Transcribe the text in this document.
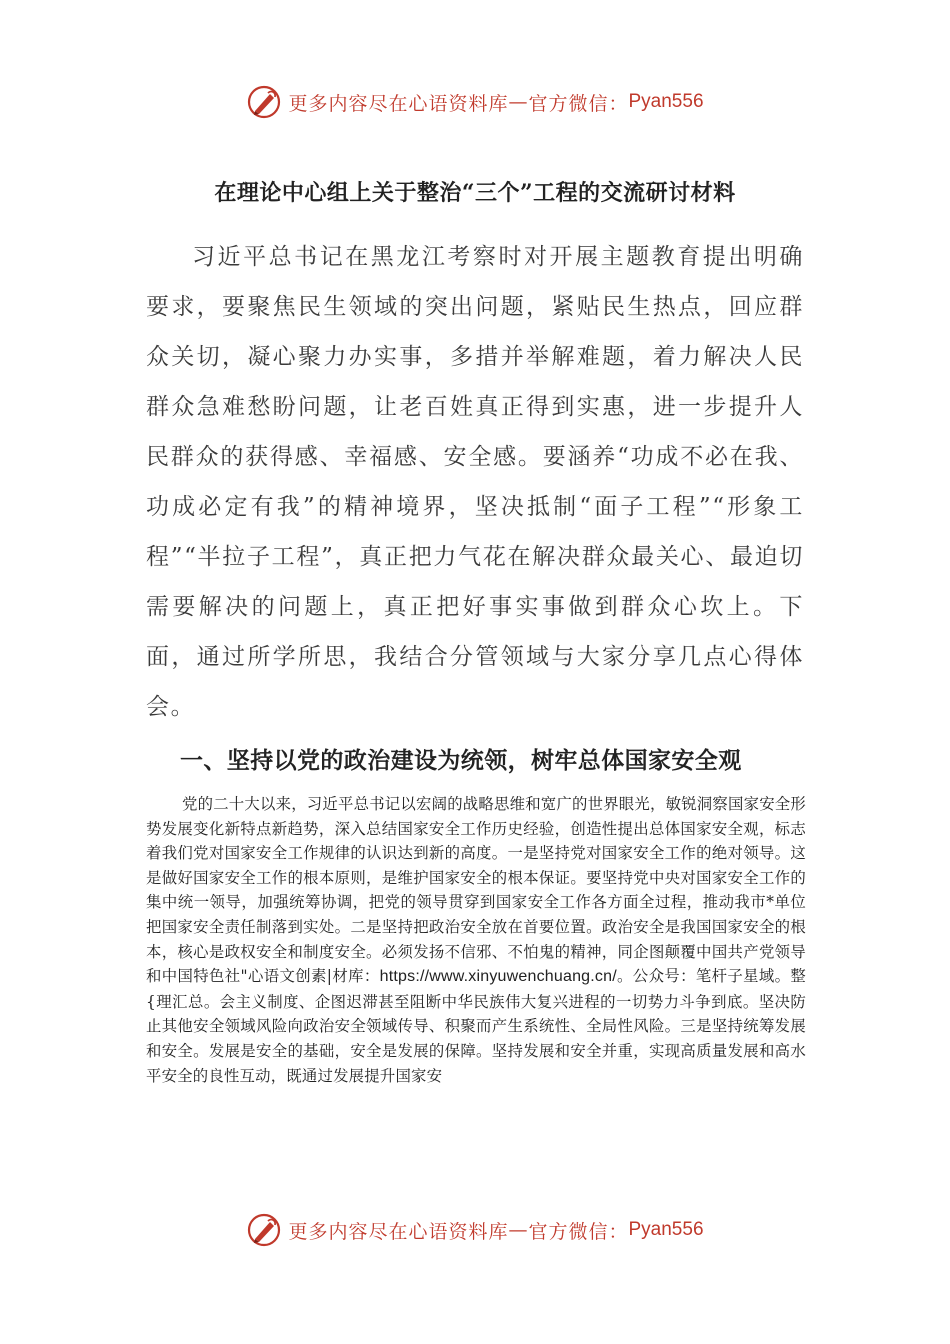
更多内容尽在心语资料库 — 官方微信： Pyan556
在理论中心组上关于整治“三个”工程的交流研讨材料

习近平总书记在黑龙江考察时对开展主题教育提出明确要求，要聚焦民生领域的突出问题，紧贴民生热点，回应群众关切，凝心聚力办实事，多措并举解难题，着力解决人民群众急难愁盼问题，让老百姓真正得到实惠，进一步提升人民群众的获得感、幸福感、安全感。要涵养“功成不必在我、功成必定有我”的精神境界，坚决抵制“面子工程”“形象工程”“半拉子工程”，真正把力气花在解决群众最关心、最迫切需要解决的问题上，真正把好事实事做到群众心坎上。下面，通过所学所思，我结合分管领域与大家分享几点心得体会。

一、坚持以党的政治建设为统领，树牢总体国家安全观

党的二十大以来，习近平总书记以宏阔的战略思维和宽广的世界眼光，敏锐洞察国家安全形势发展变化新特点新趋势，深入总结国家安全工作历史经验，创造性提出总体国家安全观，标志着我们党对国家安全工作规律的认识达到新的高度。一是坚持党对国家安全工作的绝对领导。这是做好国家安全工作的根本原则，是维护国家安全的根本保证。要坚持党中央对国家安全工作的集中统一领导，加强统筹协调，把党的领导贯穿到国家安全工作各方面全过程，推动我市*单位把国家安全责任制落到实处。二是坚持把政治安全放在首要位置。政治安全是我国国家安全的根本，核心是政权安全和制度安全。必须发扬不信邪、不怕鬼的精神，同企图颠覆中国共产党领导和中国特色社"心语文创素|材库：https://www.xinyuwenchuang.cn/。公众号：笔杆子星域。整{理汇总。会主义制度、企图迟滞甚至阻断中华民族伟大复兴进程的一切势力斗争到底。坚决防止其他安全领域风险向政治安全领域传导、积聚而产生系统性、全局性风险。三是坚持统筹发展和安全。发展是安全的基础，安全是发展的保障。坚持发展和安全并重，实现高质量发展和高水平安全的良性互动，既通过发展提升国家安

更多内容尽在心语资料库 — 官方微信： Pyan556
